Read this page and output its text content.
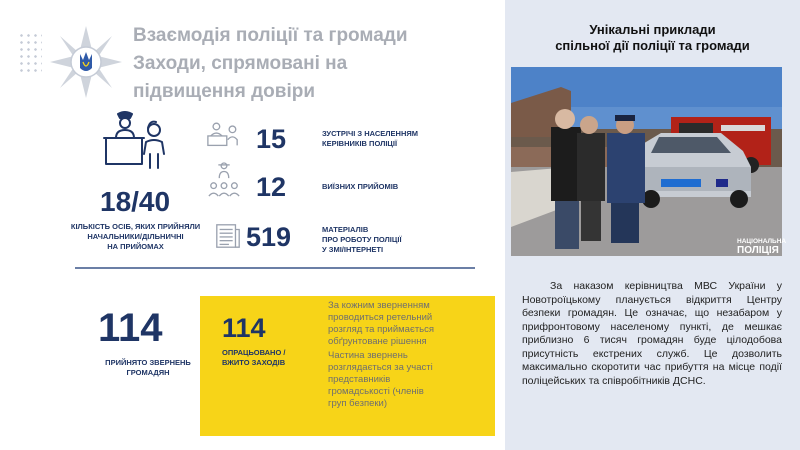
Взаємодія поліції та громади
Заходи, спрямовані на
підвищення довіри
18/40
КІЛЬКІСТЬ ОСІБ, ЯКИХ ПРИЙНЯЛИ
НАЧАЛЬНИКИ/ДІЛЬНИЧНІ
НА ПРИЙОМАХ
15	ЗУСТРІЧІ З НАСЕЛЕННЯМ
КЕРІВНИКІВ ПОЛІЦІЇ
12	ВИЇЗНИХ ПРИЙОМІВ
519	МАТЕРІАЛІВ
ПРО РОБОТУ ПОЛІЦІЇ
У ЗМІ/ІНТЕРНЕТІ
114
ПРИЙНЯТО ЗВЕРНЕНЬ
ГРОМАДЯН
114
ОПРАЦЬОВАНО /
ВЖИТО ЗАХОДІВ
За кожним зверненням
проводиться ретельний
розгляд та приймається
обґрунтоване рішення
Частина звернень
розглядається за участі
представників
громадськості (членів
груп безпеки)
Унікальні приклади
спільної дії поліції та громади
НАЦІОНАЛЬНА
ПОЛІЦІЯ
За наказом керівництва МВС України у Новотроїцькому планується відкриття Центру безпеки громадян. Це означає, що незабаром у прифронтовому населеному пункті, де мешкає приблизно 6 тисяч громадян буде цілодобова присутність екстрених служб. Це дозволить максимально скоротити час прибуття на місце події поліцейських та співробітників ДСНС.
